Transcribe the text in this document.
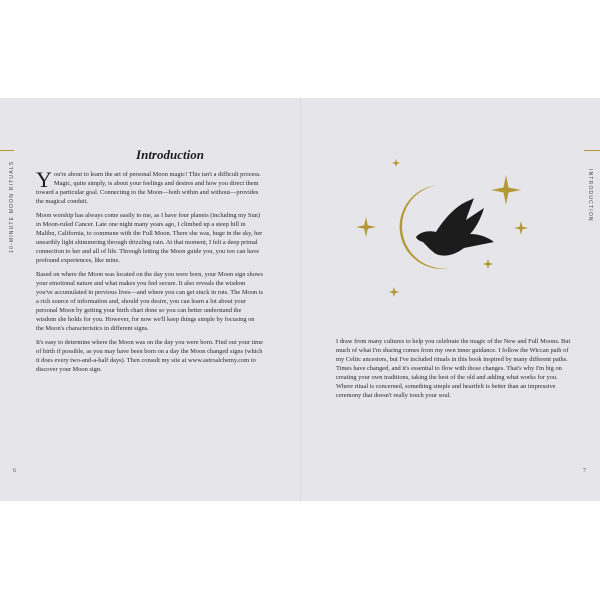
10-MINUTE MOON RITUALS	INTRODUCTION
Introduction

You're about to learn the art of personal Moon magic! This isn't a difficult process. Magic, quite simply, is about your feelings and desires and how you direct them toward a particular goal. Connecting to the Moon—both within and without—provides the magical conduit.

Moon worship has always come easily to me, as I have four planets (including my Sun) in Moon-ruled Cancer. Late one night many years ago, I climbed up a steep hill in Malibu, California, to commune with the Full Moon. There she was, huge in the sky, her unearthly light shimmering through drizzling rain. At that moment, I felt a deep primal connection to her and all of life. Through letting the Moon guide you, you too can have profound experiences, like mine.

Based on where the Moon was located on the day you were born, your Moon sign shows your emotional nature and what makes you feel secure. It also reveals the wisdom you've accumulated in previous lives—and where you can get stuck in ruts. The Moon is a rich source of information and, should you desire, you can learn a lot about your personal Moon by getting your birth chart done so you can better understand the wisdom she holds for you. However, for now we'll keep things simple by focusing on the Moon's characteristics in different signs.

It's easy to determine where the Moon was on the day you were born. Find out your time of birth if possible, as you may have been born on a day the Moon changed signs (which it does every two-and-a-half days). Then consult my site at www.astroalchemy.com to discover your Moon sign.

I draw from many cultures to help you celebrate the magic of the New and Full Moons. But much of what I'm sharing comes from my own inner guidance. I follow the Wiccan path of my Celtic ancestors, but I've included rituals in this book inspired by many different paths. Times have changed, and it's essential to flow with those changes. That's why I'm big on creating your own traditions, taking the best of the old and adding what works for you. Where ritual is concerned, something simple and heartfelt is better than an impressive ceremony that doesn't really touch your soul.

6	7
